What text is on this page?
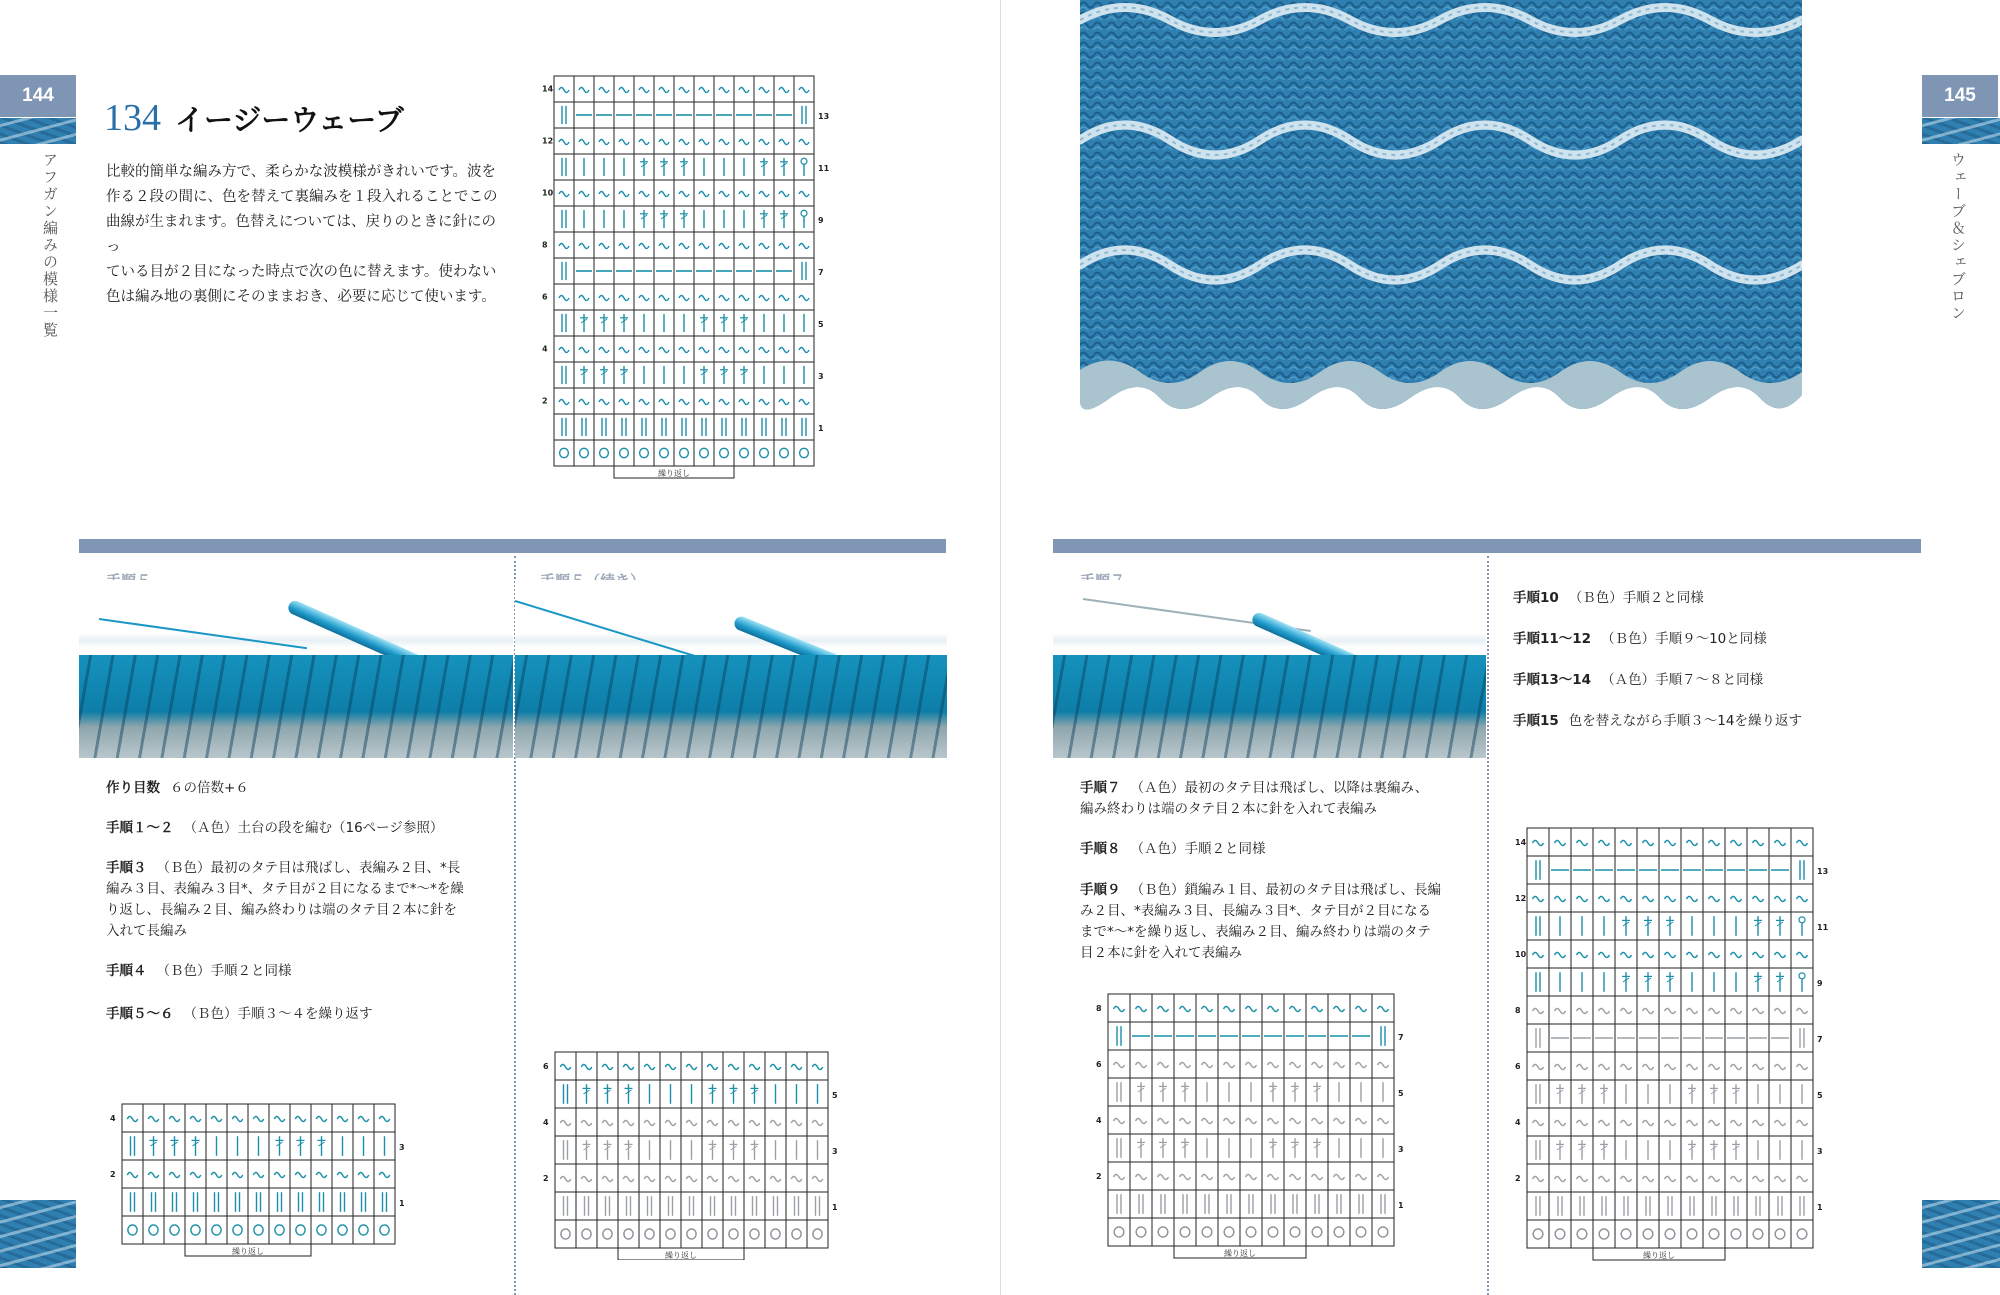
144
アフガン編みの模様一覧
145
ウェーブ＆シェブロン
134 イージーウェーブ
比較的簡単な編み方で、柔らかな波模様がきれいです。波を
作る２段の間に、色を替えて裏編みを１段入れることでこの
曲線が生まれます。色替えについては、戻りのときに針にのっ
ている目が２目になった時点で次の色に替えます。使わない
色は編み地の裏側にそのままおき、必要に応じて使います。
14
13
12
11
10
9
8
7
6
5
4
3
2
1
繰り返し
作り目数 ６の倍数+６
手順１～２ （Ａ色）土台の段を編む（16ページ参照）
手順３ （Ｂ色）最初のタテ目は飛ばし、表編み２目、*長編み３目、表編み３目*、タテ目が２目になるまで*～*を繰り返し、長編み２目、編み終わりは端のタテ目２本に針を入れて長編み
手順４ （Ｂ色）手順２と同様
手順５～６ （Ｂ色）手順３～４を繰り返す
手順７ （Ａ色）最初のタテ目は飛ばし、以降は裏編み、編み終わりは端のタテ目２本に針を入れて表編み
手順８ （Ａ色）手順２と同様
手順９ （Ｂ色）鎖編み１目、最初のタテ目は飛ばし、長編み２目、*表編み３目、長編み３目*、タテ目が２目になるまで*～*を繰り返し、表編み２目、編み終わりは端のタテ目２本に針を入れて表編み
手順10 （Ｂ色）手順２と同様
手順11～12 （Ｂ色）手順９～10と同様
手順13～14 （Ａ色）手順７～８と同様
手順15 色を替えながら手順３～14を繰り返す
4
3
2
1
繰り返し
6
5
4
3
2
1
繰り返し
8
7
6
5
4
3
2
1
繰り返し
14
13
12
11
10
9
8
7
6
5
4
3
2
1
繰り返し
